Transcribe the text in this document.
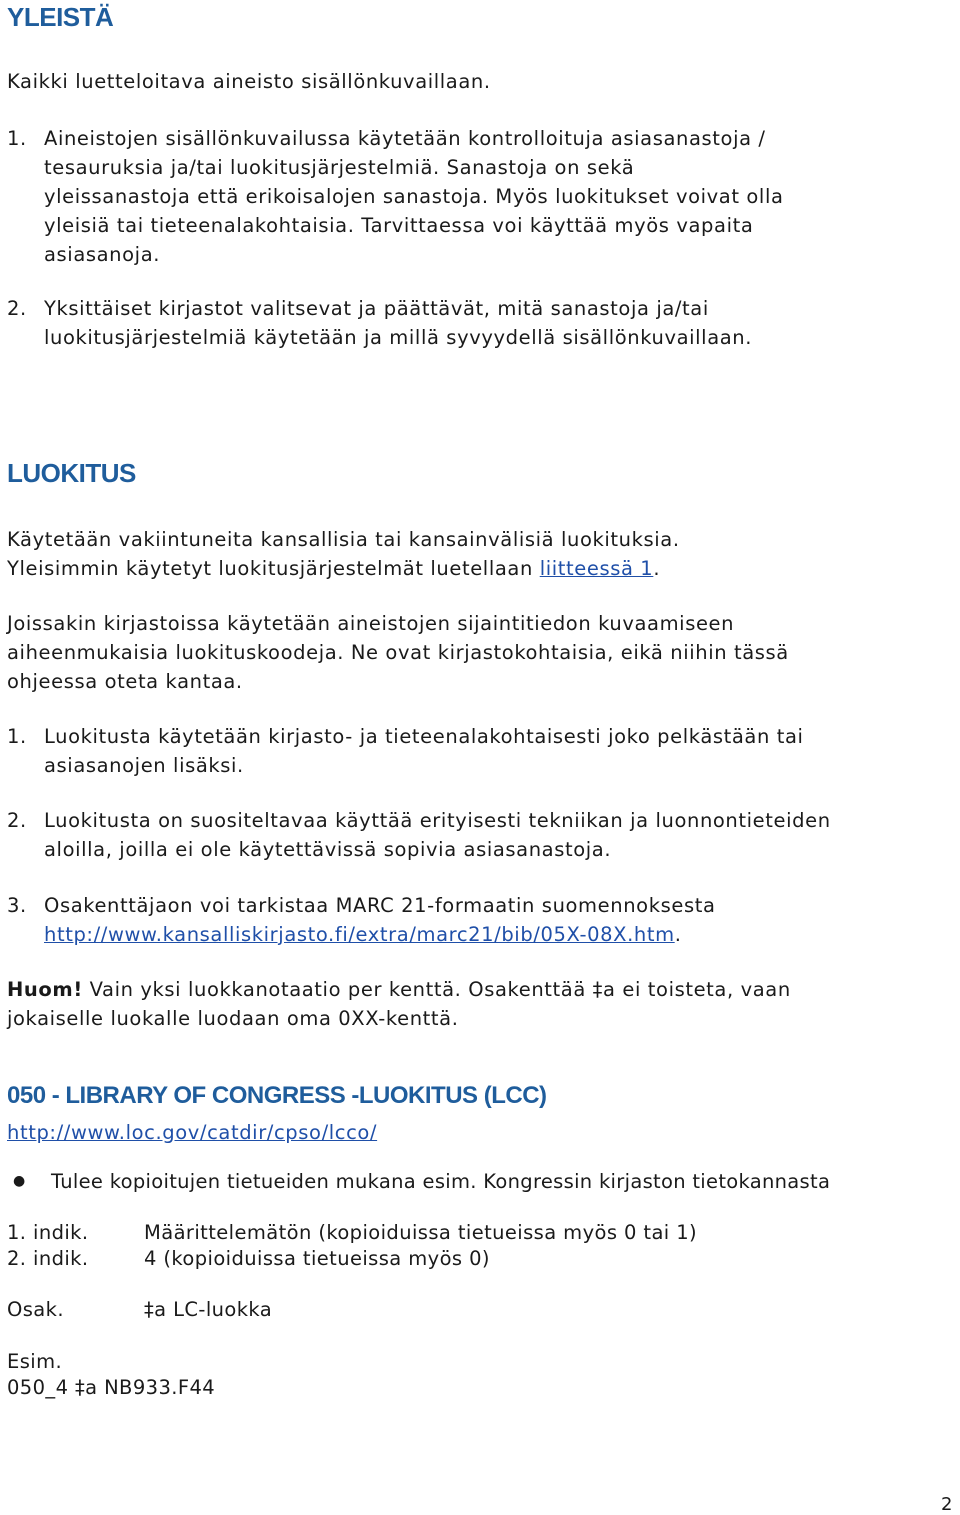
YLEISTÄ
Kaikki luetteloitava aineisto sisällönkuvaillaan.
1. Aineistojen sisällönkuvailussa käytetään kontrolloituja asiasanastoja /
tesauruksia ja/tai luokitusjärjestelmiä. Sanastoja on sekä
yleissanastoja että erikoisalojen sanastoja. Myös luokitukset voivat olla
yleisiä tai tieteenalakohtaisia. Tarvittaessa voi käyttää myös vapaita
asiasanoja.
2. Yksittäiset kirjastot valitsevat ja päättävät, mitä sanastoja ja/tai
luokitusjärjestelmiä käytetään ja millä syvyydellä sisällönkuvaillaan.
LUOKITUS
Käytetään vakiintuneita kansallisia tai kansainvälisiä luokituksia.
Yleisimmin käytetyt luokitusjärjestelmät luetellaan liitteessä 1.
Joissakin kirjastoissa käytetään aineistojen sijaintitiedon kuvaamiseen
aiheenmukaisia luokituskoodeja. Ne ovat kirjastokohtaisia, eikä niihin tässä
ohjeessa oteta kantaa.
1. Luokitusta käytetään kirjasto- ja tieteenalakohtaisesti joko pelkästään tai
asiasanojen lisäksi.
2. Luokitusta on suositeltavaa käyttää erityisesti tekniikan ja luonnontieteiden
aloilla, joilla ei ole käytettävissä sopivia asiasanastoja.
3. Osakenttäjaon voi tarkistaa MARC 21-formaatin suomennoksesta
http://www.kansalliskirjasto.fi/extra/marc21/bib/05X-08X.htm.
Huom! Vain yksi luokkanotaatio per kenttä. Osakenttää ‡a ei toisteta, vaan
jokaiselle luokalle luodaan oma 0XX-kenttä.
050 - LIBRARY OF CONGRESS -LUOKITUS (LCC)
http://www.loc.gov/catdir/cpso/lcco/
● Tulee kopioitujen tietueiden mukana esim. Kongressin kirjaston tietokannasta
1. indik.	Määrittelemätön (kopioiduissa tietueissa myös 0 tai 1)
2. indik.	4 (kopioiduissa tietueissa myös 0)
Osak.	‡a LC-luokka
Esim.
050_4 ‡a NB933.F44
2
